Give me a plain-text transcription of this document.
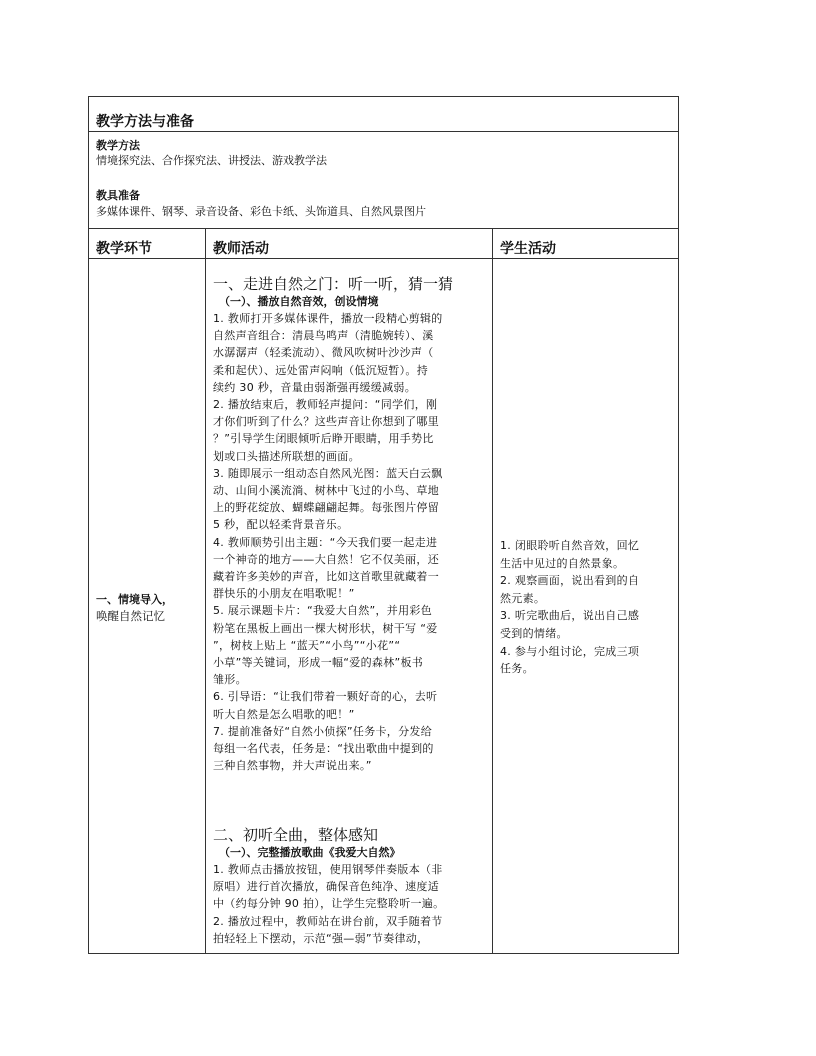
教学方法与准备
教学方法
情境探究法、合作探究法、讲授法、游戏教学法
教具准备
多媒体课件、钢琴、录音设备、彩色卡纸、头饰道具、自然风景图片
教学环节	教师活动	学生活动
一、情境导入，
唤醒自然记忆
一、走进自然之门：听一听，猜一猜
（一）、播放自然音效，创设情境

1. 教师打开多媒体课件，播放一段精心剪辑的

自然声音组合：清晨鸟鸣声（清脆婉转）、溪

水潺潺声（轻柔流动）、微风吹树叶沙沙声（

柔和起伏）、远处雷声闷响（低沉短暂）。持

续约 30 秒，音量由弱渐强再缓缓减弱。

2. 播放结束后，教师轻声提问：“同学们，刚

才你们听到了什么？这些声音让你想到了哪里

？”引导学生闭眼倾听后睁开眼睛，用手势比

划或口头描述所联想的画面。

3. 随即展示一组动态自然风光图：蓝天白云飘

动、山间小溪流淌、树林中飞过的小鸟、草地

上的野花绽放、蝴蝶翩翩起舞。每张图片停留

5 秒，配以轻柔背景音乐。

4. 教师顺势引出主题：“今天我们要一起走进

一个神奇的地方——大自然！它不仅美丽，还

藏着许多美妙的声音，比如这首歌里就藏着一

群快乐的小朋友在唱歌呢！”

5. 展示课题卡片：“我爱大自然”，并用彩色

粉笔在黑板上画出一棵大树形状，树干写 “爱

”，树枝上贴上 “蓝天”“小鸟”“小花”“

小草”等关键词，形成一幅“爱的森林”板书

雏形。

6. 引导语：“让我们带着一颗好奇的心，去听

听大自然是怎么唱歌的吧！”

7. 提前准备好“自然小侦探”任务卡，分发给

每组一名代表，任务是：“找出歌曲中提到的

三种自然事物，并大声说出来。”

二、初听全曲，整体感知
（一）、完整播放歌曲《我爱大自然》

1. 教师点击播放按钮，使用钢琴伴奏版本（非

原唱）进行首次播放，确保音色纯净、速度适

中（约每分钟 90 拍），让学生完整聆听一遍。

2. 播放过程中，教师站在讲台前，双手随着节

拍轻轻上下摆动，示范“强—弱”节奏律动，

1. 闭眼聆听自然音效，回忆

生活中见过的自然景象。

2. 观察画面，说出看到的自

然元素。

3. 听完歌曲后，说出自己感

受到的情绪。

4. 参与小组讨论，完成三项

任务。
